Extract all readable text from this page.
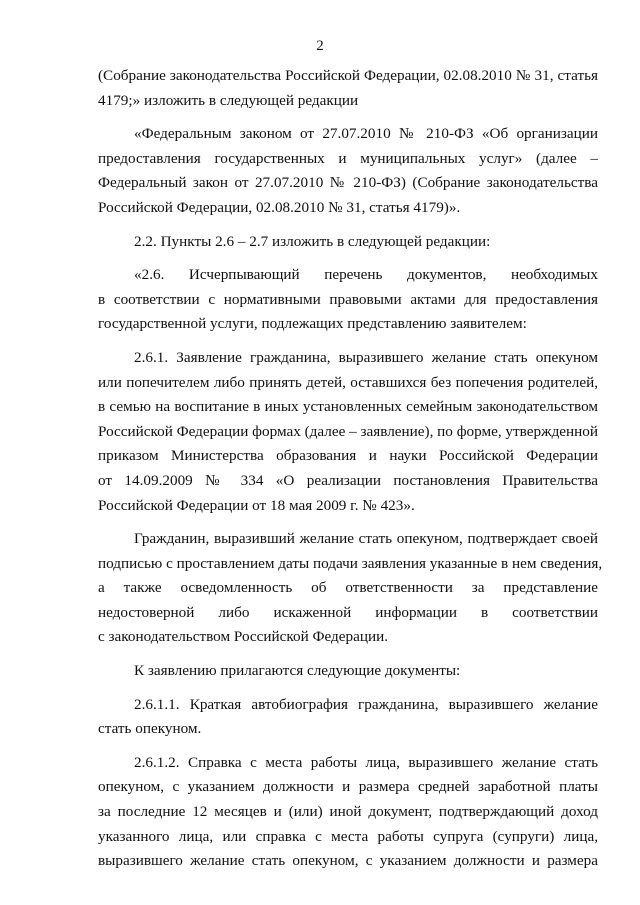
2
(Собрание законодательства Российской Федерации, 02.08.2010 № 31, статья
4179;» изложить в следующей редакции
«Федеральным законом от 27.07.2010 № 210-ФЗ «Об организации
предоставления государственных и муниципальных услуг» (далее –
Федеральный закон от 27.07.2010 № 210-ФЗ) (Собрание законодательства
Российской Федерации, 02.08.2010 № 31, статья 4179)».
2.2. Пункты 2.6 – 2.7 изложить в следующей редакции:
«2.6. Исчерпывающий перечень документов, необходимых
в соответствии с нормативными правовыми актами для предоставления
государственной услуги, подлежащих представлению заявителем:
2.6.1. Заявление гражданина, выразившего желание стать опекуном
или попечителем либо принять детей, оставшихся без попечения родителей,
в семью на воспитание в иных установленных семейным законодательством
Российской Федерации формах (далее – заявление), по форме, утвержденной
приказом Министерства образования и науки Российской Федерации
от 14.09.2009 № 334 «О реализации постановления Правительства
Российской Федерации от 18 мая 2009 г. № 423».
Гражданин, выразивший желание стать опекуном, подтверждает своей
подписью с проставлением даты подачи заявления указанные в нем сведения,
а также осведомленность об ответственности за представление
недостоверной либо искаженной информации в соответствии
с законодательством Российской Федерации.
К заявлению прилагаются следующие документы:
2.6.1.1. Краткая автобиография гражданина, выразившего желание
стать опекуном.
2.6.1.2. Справка с места работы лица, выразившего желание стать
опекуном, с указанием должности и размера средней заработной платы
за последние 12 месяцев и (или) иной документ, подтверждающий доход
указанного лица, или справка с места работы супруга (супруги) лица,
выразившего желание стать опекуном, с указанием должности и размера
